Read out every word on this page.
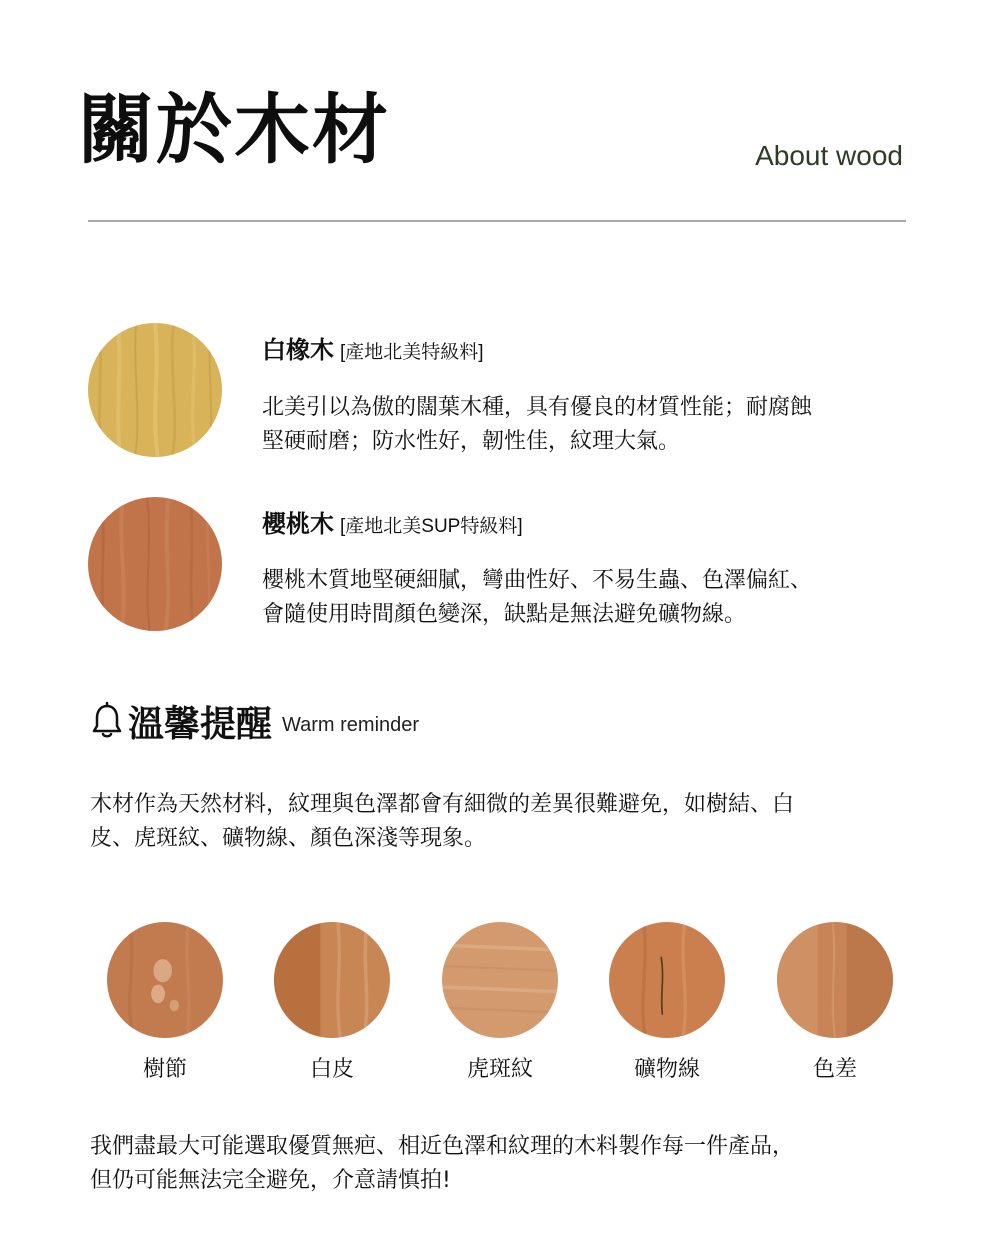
關於木材	About wood
白橡木 [產地北美特級料]
北美引以為傲的闊葉木種，具有優良的材質性能；耐腐蝕
堅硬耐磨；防水性好，韌性佳，紋理大氣。
櫻桃木 [產地北美SUP特級料]
櫻桃木質地堅硬細膩，彎曲性好、不易生蟲、色澤偏紅、
會隨使用時間顏色變深，缺點是無法避免礦物線。
溫馨提醒 Warm reminder
木材作為天然材料，紋理與色澤都會有細微的差異很難避免，如樹結、白
皮、虎斑紋、礦物線、顏色深淺等現象。
樹節	白皮	虎斑紋	礦物線	色差
我們盡最大可能選取優質無疤、相近色澤和紋理的木料製作每一件產品，
但仍可能無法完全避免，介意請慎拍!
